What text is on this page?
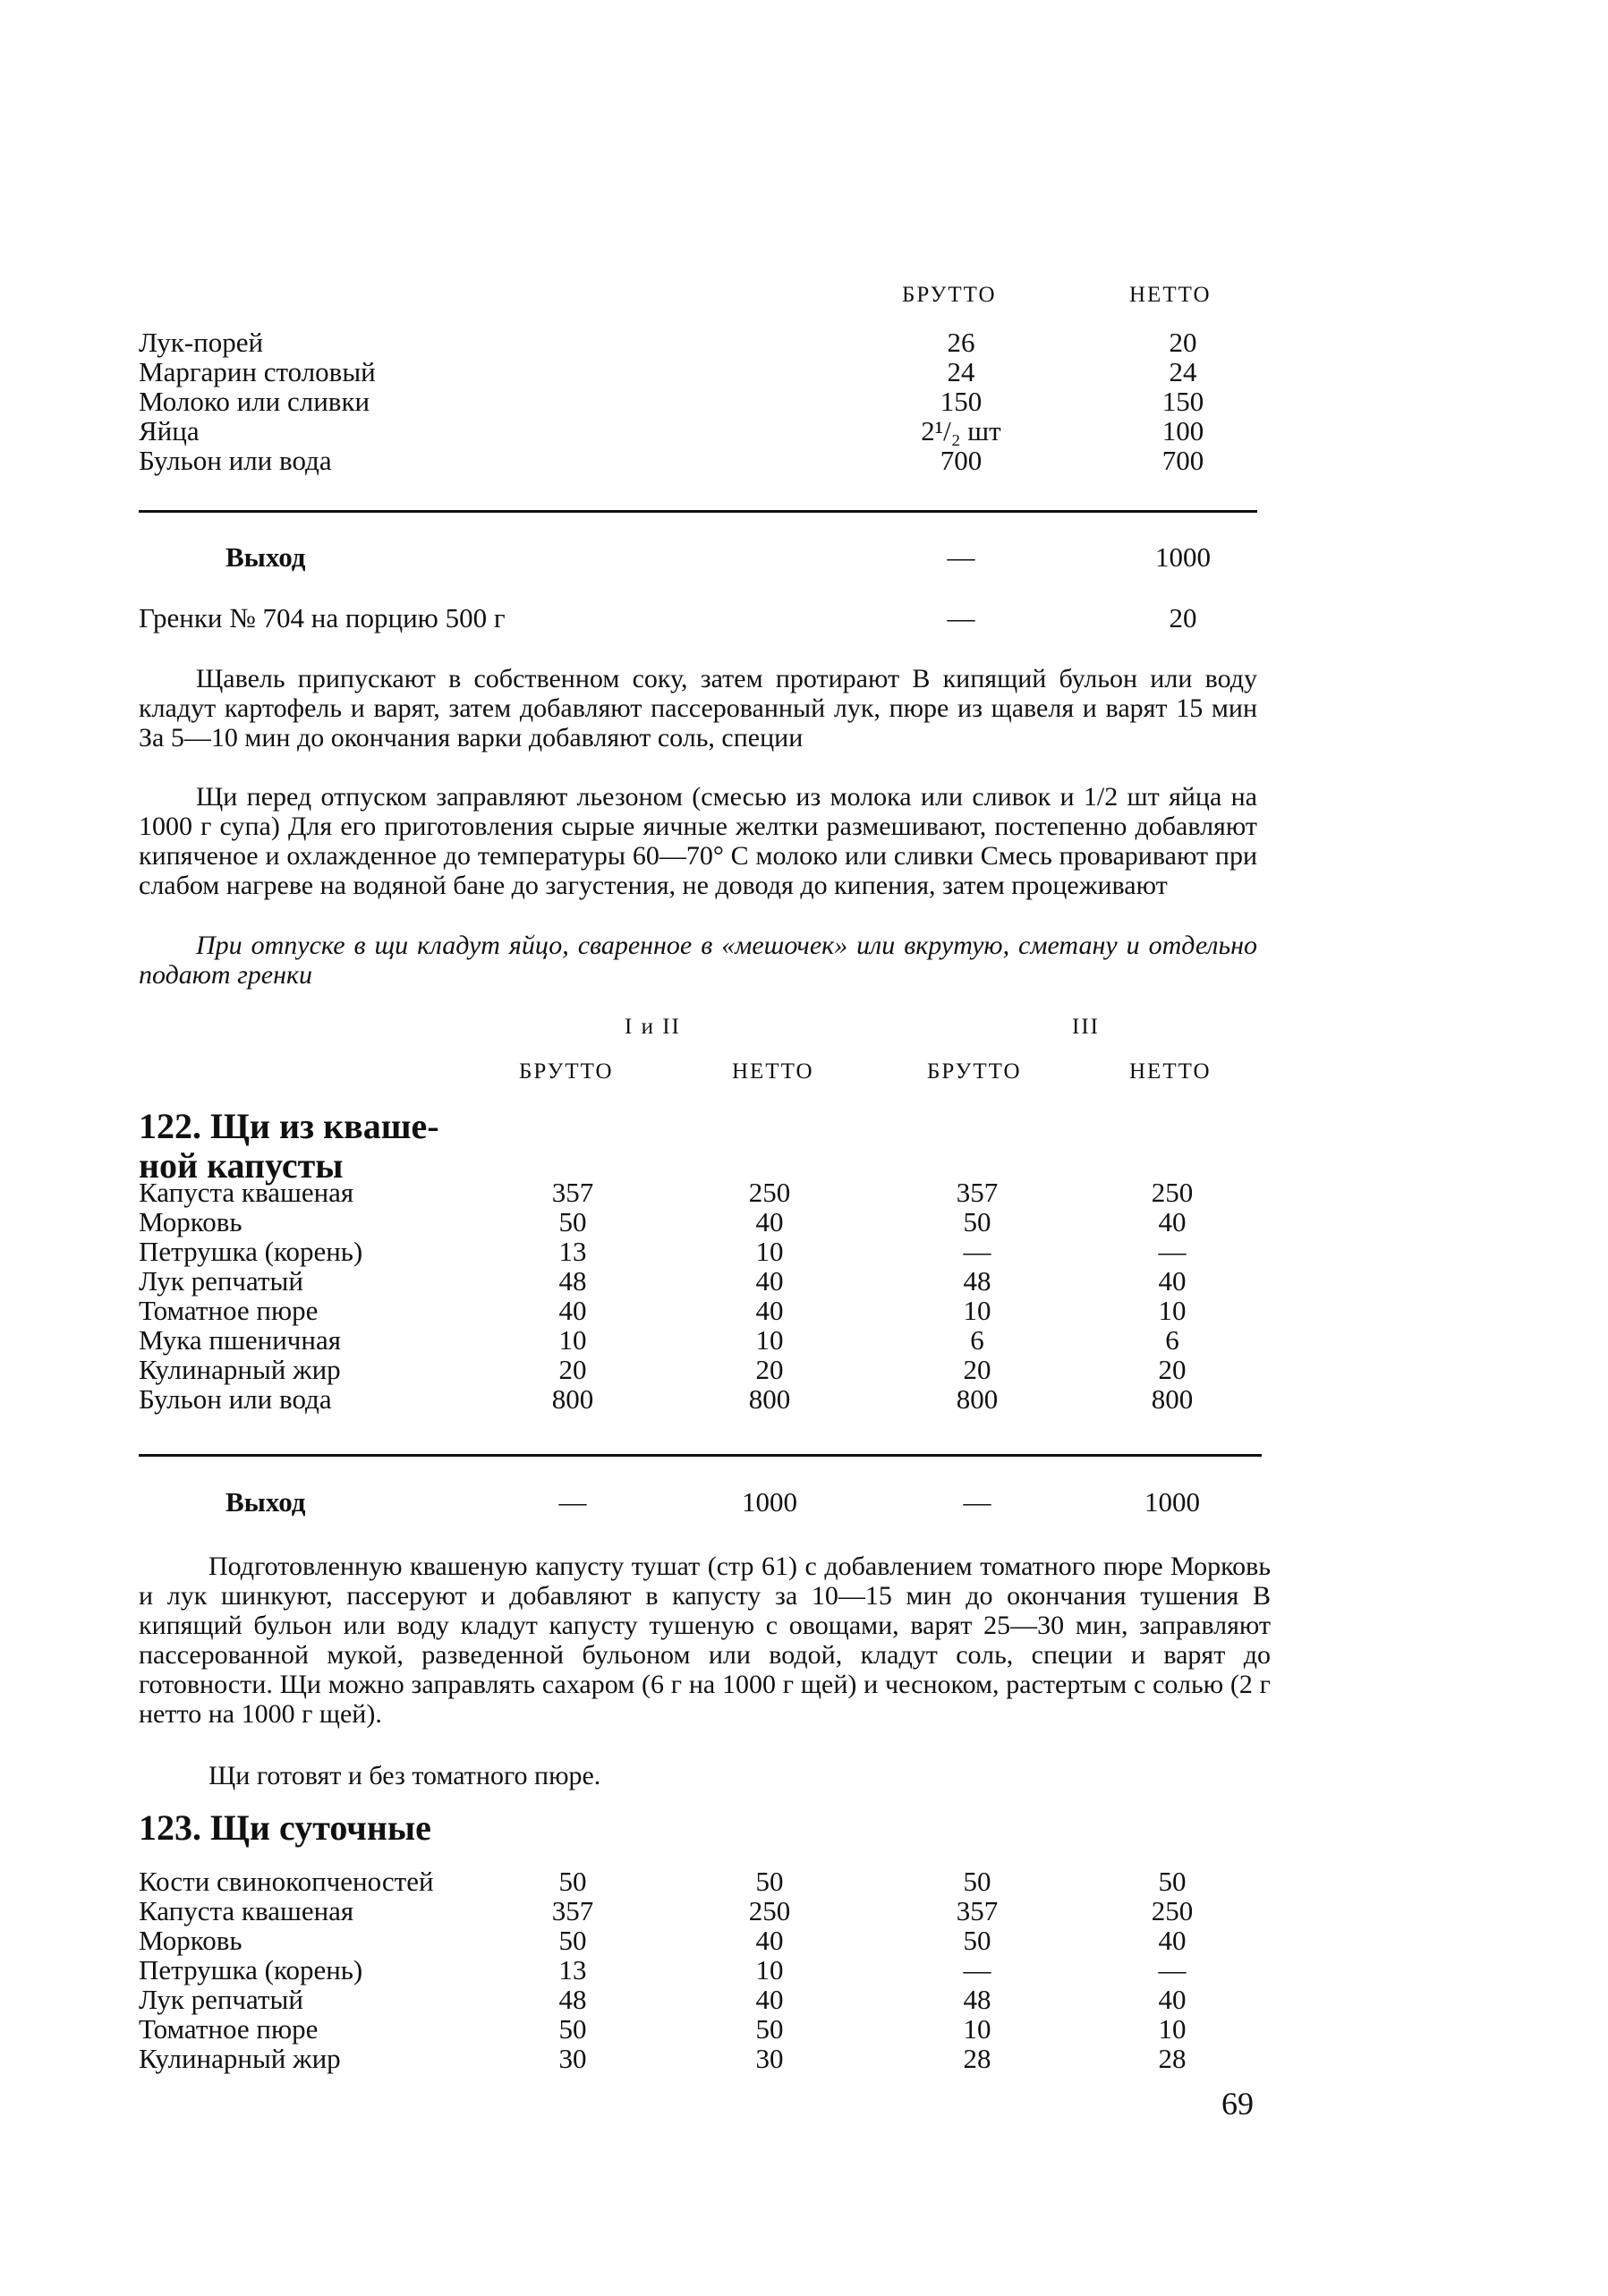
БРУТТО	НЕТТО
Лук-порей	26	20
Маргарин столовый	24	24
Молоко или сливки	150	150
Яйца	2¹/₂ шт	100
Бульон или вода	700	700
Выход	—	1000
Гренки № 704 на порцию 500 г	—	20
Щавель припускают в собственном соку, затем протирают В кипящий бульон или воду кладут картофель и варят, затем добавляют пассерованный лук, пюре из щавеля и варят 15 мин За 5—10 мин до окончания варки добавляют соль, специи
Щи перед отпуском заправляют льезоном (смесью из молока или сливок и 1/2 шт яйца на 1000 г супа) Для его приготовления сырые яичные желтки размешивают, постепенно добавляют кипяченое и охлажденное до температуры 60—70° С молоко или сливки Смесь проваривают при слабом нагреве на водяной бане до загустения, не доводя до кипения, затем процеживают
При отпуске в щи кладут яйцо, сваренное в «мешочек» или вкрутую, сметану и отдельно подают гренки
I и II	III
БРУТТО	НЕТТО	БРУТТО	НЕТТО
122. Щи из кваше-
ной капусты
Капуста квашеная	357	250	357	250
Морковь	50	40	50	40
Петрушка (корень)	13	10	—	—
Лук репчатый	48	40	48	40
Томатное пюре	40	40	10	10
Мука пшеничная	10	10	6	6
Кулинарный жир	20	20	20	20
Бульон или вода	800	800	800	800
Выход	—	1000	—	1000
Подготовленную квашеную капусту тушат (стр 61) с добавлением томатного пюре Морковь и лук шинкуют, пассеруют и добавляют в капусту за 10—15 мин до окончания тушения В кипящий бульон или воду кладут капусту тушеную с овощами, варят 25—30 мин, заправляют пассерованной мукой, разведенной бульоном или водой, кладут соль, специи и варят до готовности. Щи можно заправлять сахаром (6 г на 1000 г щей) и чесноком, растертым с солью (2 г нетто на 1000 г щей).
Щи готовят и без томатного пюре.
123. Щи суточные
Кости свинокопченостей	50	50	50	50
Капуста квашеная	357	250	357	250
Морковь	50	40	50	40
Петрушка (корень)	13	10	—	—
Лук репчатый	48	40	48	40
Томатное пюре	50	50	10	10
Кулинарный жир	30	30	28	28
69
